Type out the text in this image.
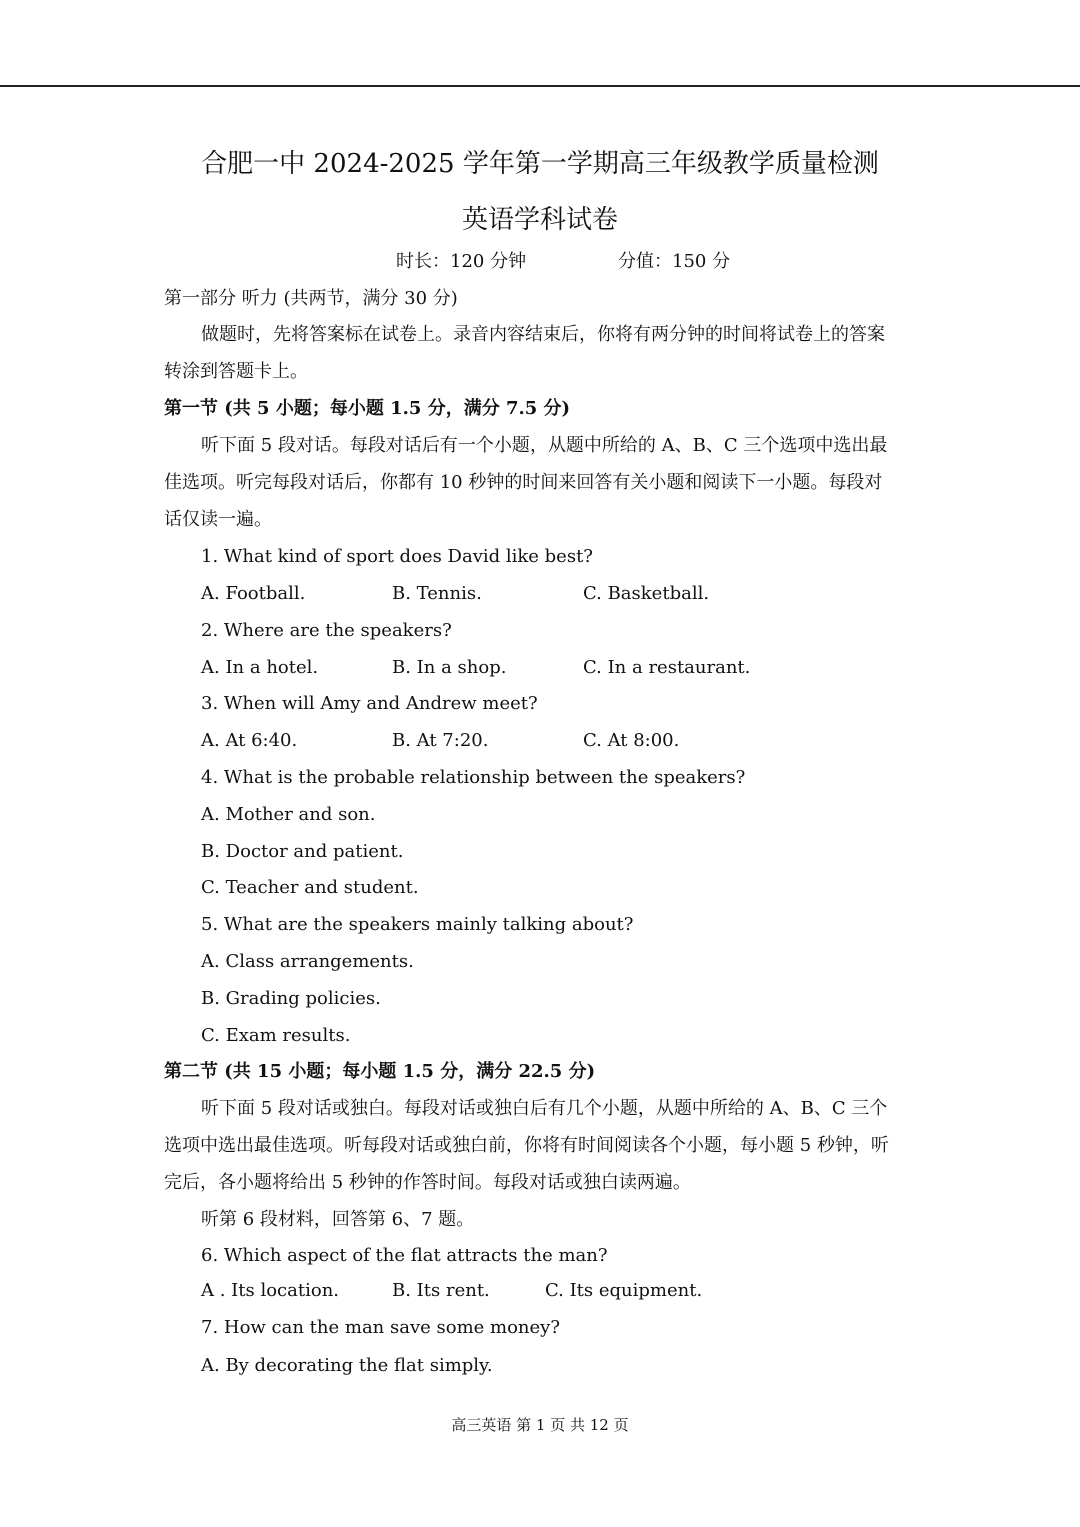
合肥一中 2024-2025 学年第一学期高三年级教学质量检测
英语学科试卷
时长：120 分钟	分值：150 分
第一部分 听力 (共两节，满分 30 分)
做题时，先将答案标在试卷上。录音内容结束后，你将有两分钟的时间将试卷上的答案
转涂到答题卡上。
第一节 (共 5 小题；每小题 1.5 分，满分 7.5 分)
听下面 5 段对话。每段对话后有一个小题，从题中所给的 A、B、C 三个选项中选出最
佳选项。听完每段对话后，你都有 10 秒钟的时间来回答有关小题和阅读下一小题。每段对
话仅读一遍。
1. What kind of sport does David like best?
A. Football.	B. Tennis.	C. Basketball.
2. Where are the speakers?
A. In a hotel.	B. In a shop.	C. In a restaurant.
3. When will Amy and Andrew meet?
A. At 6:40.	B. At 7:20.	C. At 8:00.
4. What is the probable relationship between the speakers?
A. Mother and son.
B. Doctor and patient.
C. Teacher and student.
5. What are the speakers mainly talking about?
A. Class arrangements.
B. Grading policies.
C. Exam results.
第二节 (共 15 小题；每小题 1.5 分，满分 22.5 分)
听下面 5 段对话或独白。每段对话或独白后有几个小题，从题中所给的 A、B、C 三个
选项中选出最佳选项。听每段对话或独白前，你将有时间阅读各个小题，每小题 5 秒钟，听
完后，各小题将给出 5 秒钟的作答时间。每段对话或独白读两遍。
听第 6 段材料，回答第 6、7 题。
6. Which aspect of the flat attracts the man?
A . Its location.	B. Its rent.	C. Its equipment.
7. How can the man save some money?
A. By decorating the flat simply.
高三英语 第 1 页 共 12 页
